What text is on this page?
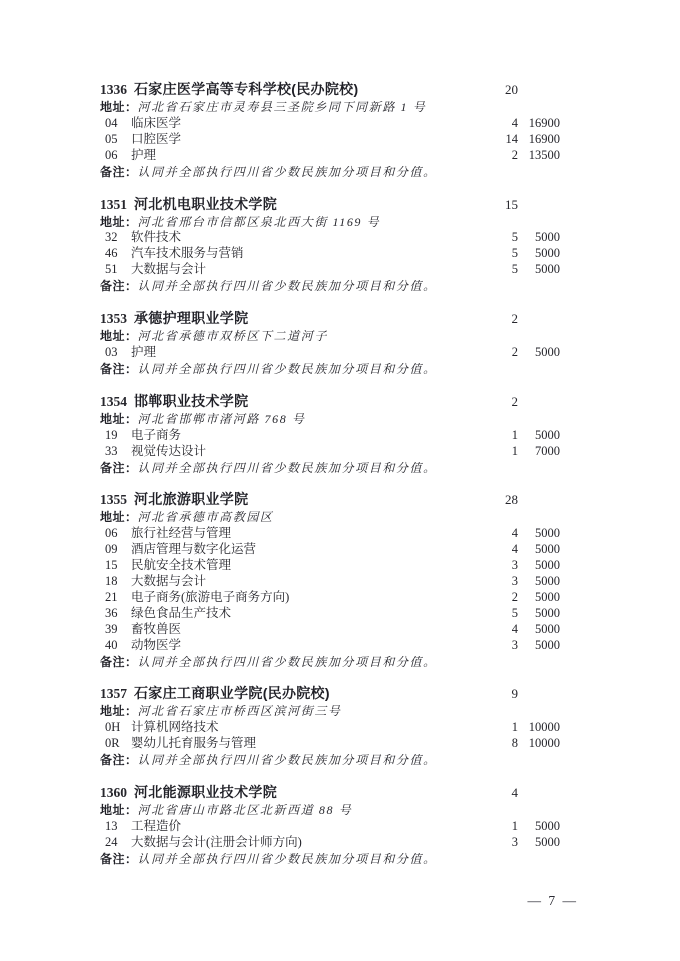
1336 石家庄医学高等专科学校(民办院校)	20
地址：河北省石家庄市灵寿县三圣院乡同下同新路 1 号
04 临床医学	4 16900
05 口腔医学	14 16900
06 护理	2 13500
备注：认同并全部执行四川省少数民族加分项目和分值。
1351 河北机电职业技术学院	15
地址：河北省邢台市信都区泉北西大街 1169 号
32 软件技术	5	5000
46 汽车技术服务与营销	5	5000
51 大数据与会计	5	5000
备注：认同并全部执行四川省少数民族加分项目和分值。
1353 承德护理职业学院	2
地址：河北省承德市双桥区下二道河子
03 护理	2	5000
备注：认同并全部执行四川省少数民族加分项目和分值。
1354 邯郸职业技术学院	2
地址：河北省邯郸市渚河路 768 号
19 电子商务	1	5000
33 视觉传达设计	1	7000
备注：认同并全部执行四川省少数民族加分项目和分值。
1355 河北旅游职业学院	28
地址：河北省承德市高教园区
06 旅行社经营与管理	4	5000
09 酒店管理与数字化运营	4	5000
15 民航安全技术管理	3	5000
18 大数据与会计	3	5000
21 电子商务(旅游电子商务方向)	2	5000
36 绿色食品生产技术	5	5000
39 畜牧兽医	4	5000
40 动物医学	3	5000
备注：认同并全部执行四川省少数民族加分项目和分值。
1357 石家庄工商职业学院(民办院校)	9
地址：河北省石家庄市桥西区滨河街三号
0H 计算机网络技术	1 10000
0R 婴幼儿托育服务与管理	8 10000
备注：认同并全部执行四川省少数民族加分项目和分值。
1360 河北能源职业技术学院	4
地址：河北省唐山市路北区北新西道 88 号
13 工程造价	1	5000
24 大数据与会计(注册会计师方向)	3	5000
备注：认同并全部执行四川省少数民族加分项目和分值。
— 7 —
